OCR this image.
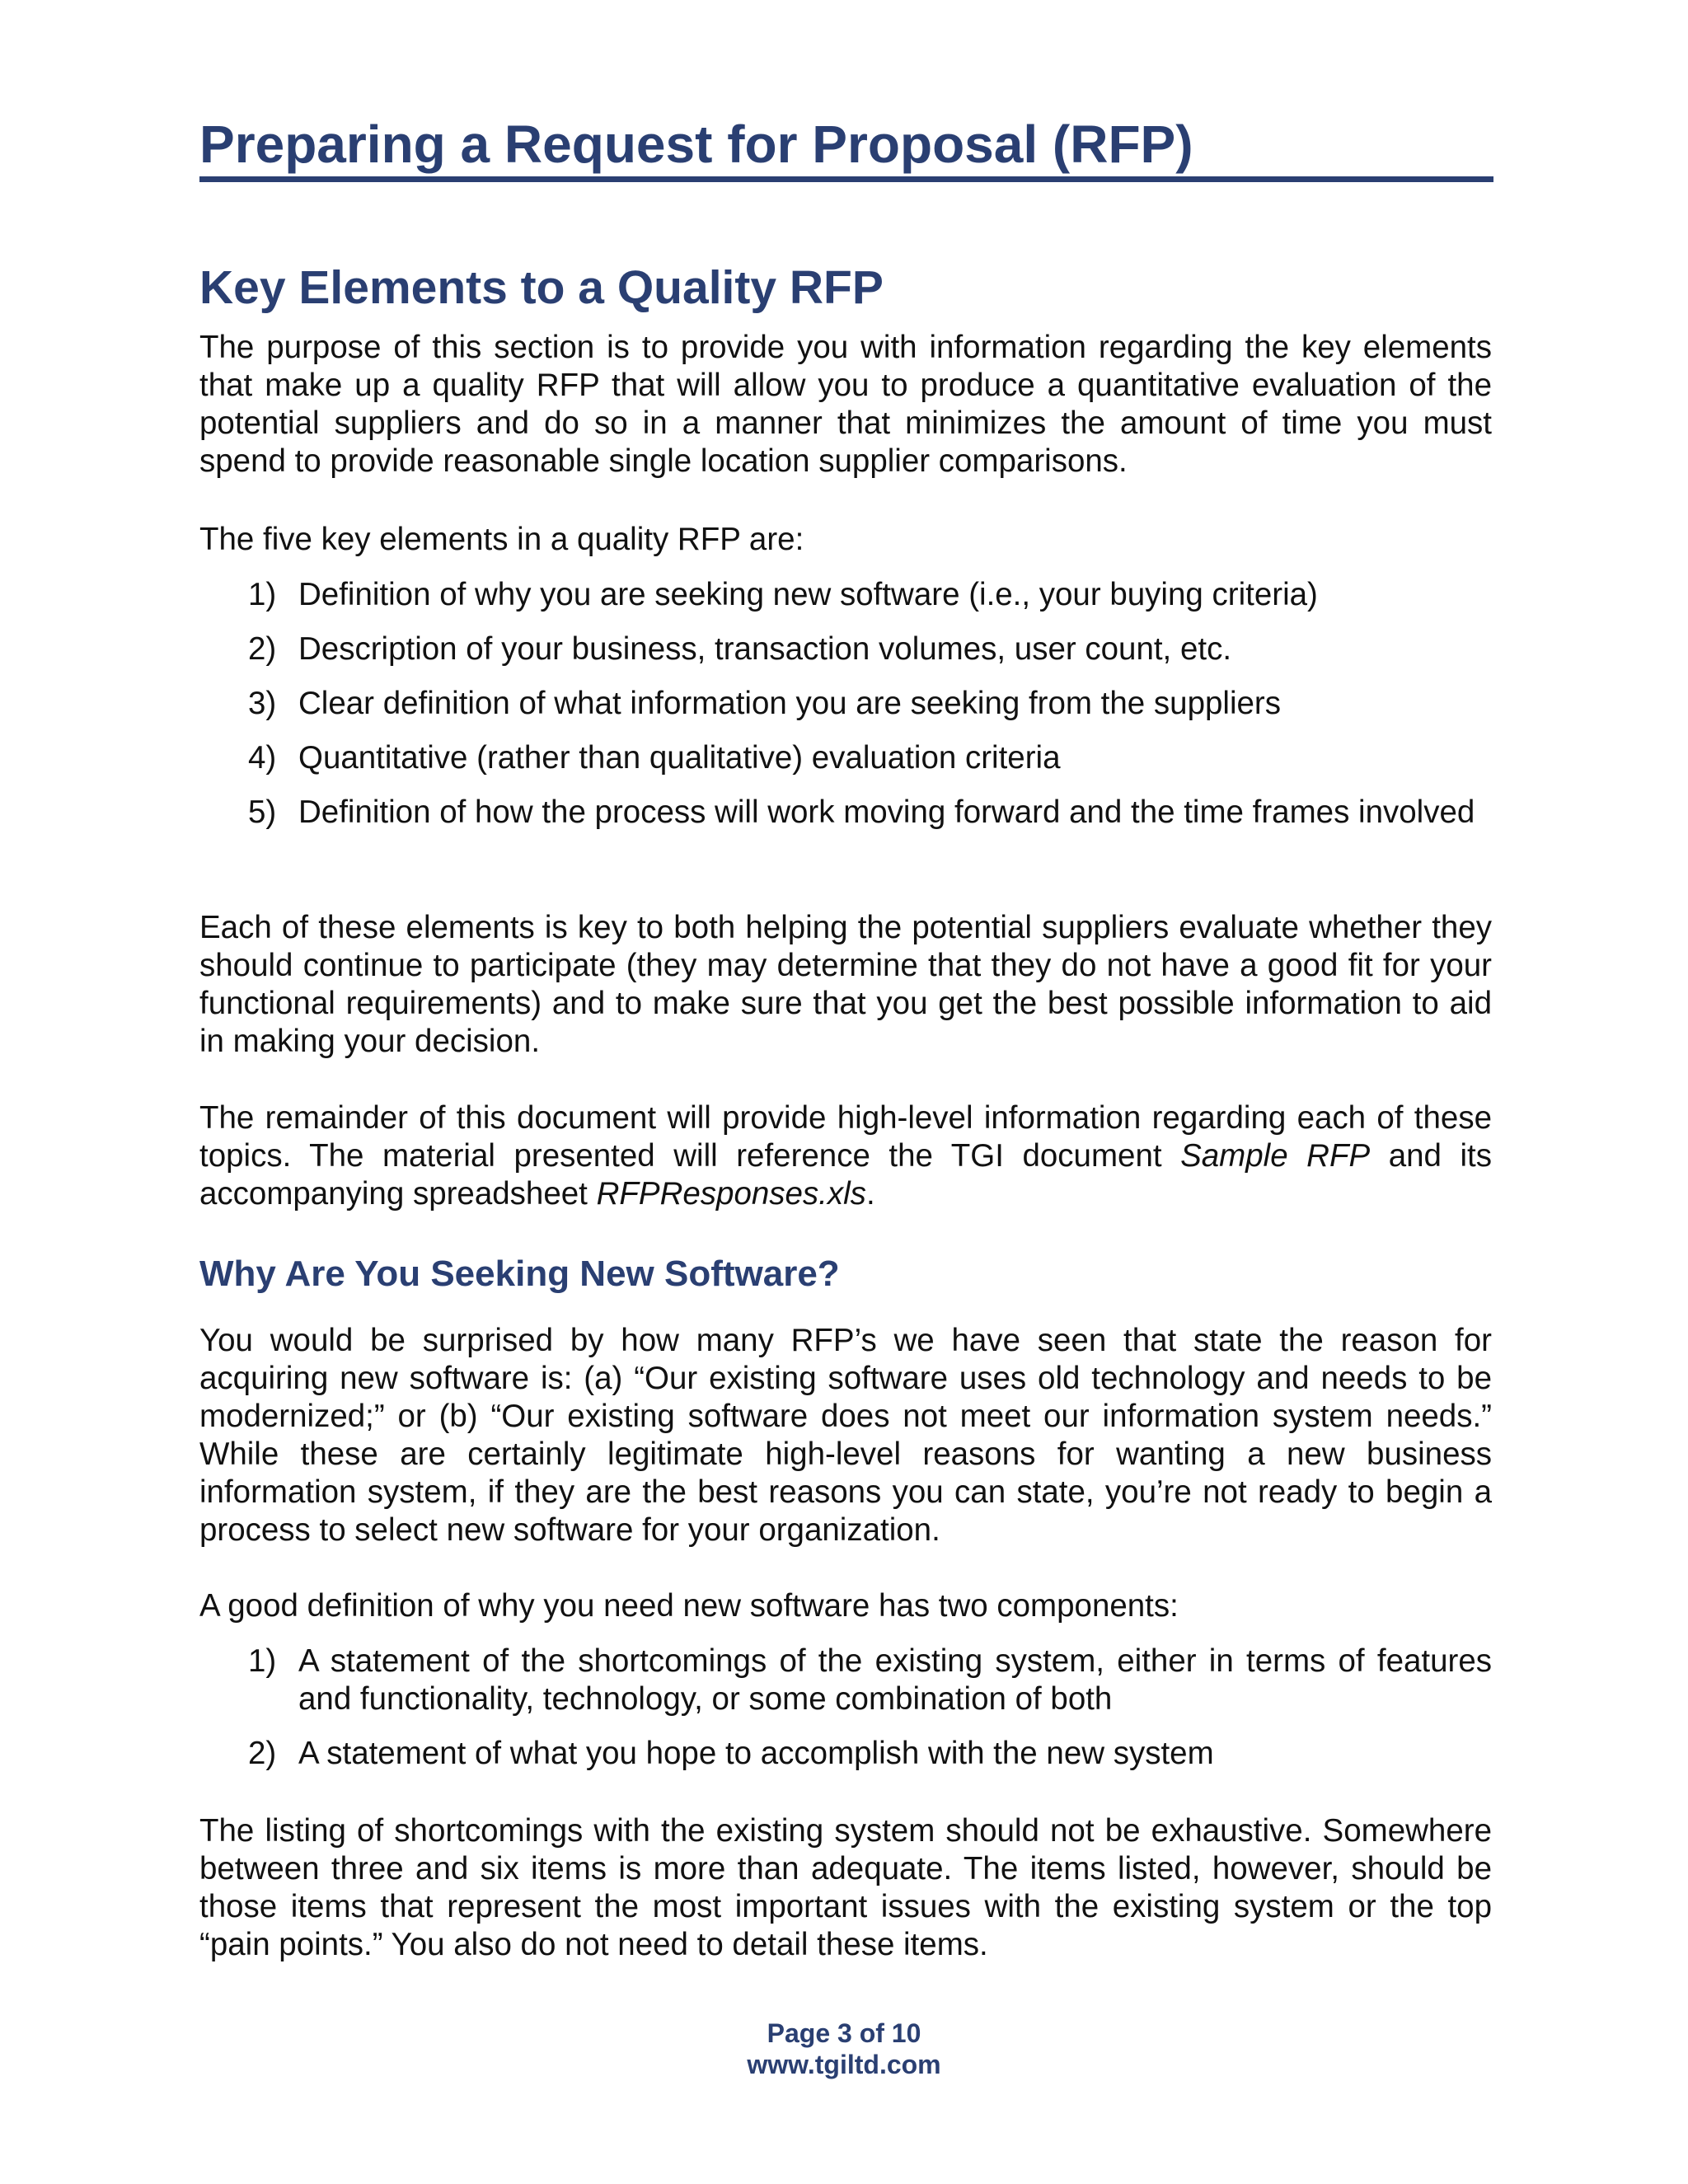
Preparing a Request for Proposal (RFP)
Key Elements to a Quality RFP

The purpose of this section is to provide you with information regarding the key elements that make up a quality RFP that will allow you to produce a quantitative evaluation of the potential suppliers and do so in a manner that minimizes the amount of time you must spend to provide reasonable single location supplier comparisons.

The five key elements in a quality RFP are:

1) Definition of why you are seeking new software (i.e., your buying criteria)
2) Description of your business, transaction volumes, user count, etc.
3) Clear definition of what information you are seeking from the suppliers
4) Quantitative (rather than qualitative) evaluation criteria
5) Definition of how the process will work moving forward and the time frames involved

Each of these elements is key to both helping the potential suppliers evaluate whether they should continue to participate (they may determine that they do not have a good fit for your functional requirements) and to make sure that you get the best possible information to aid in making your decision.

The remainder of this document will provide high-level information regarding each of these topics. The material presented will reference the TGI document Sample RFP and its accompanying spreadsheet RFPResponses.xls.

Why Are You Seeking New Software?

You would be surprised by how many RFP’s we have seen that state the reason for acquiring new software is: (a) “Our existing software uses old technology and needs to be modernized;” or (b) “Our existing software does not meet our information system needs.” While these are certainly legitimate high-level reasons for wanting a new business information system, if they are the best reasons you can state, you’re not ready to begin a process to select new software for your organization.

A good definition of why you need new software has two components:

1) A statement of the shortcomings of the existing system, either in terms of features and functionality, technology, or some combination of both
2) A statement of what you hope to accomplish with the new system

The listing of shortcomings with the existing system should not be exhaustive. Somewhere between three and six items is more than adequate. The items listed, however, should be those items that represent the most important issues with the existing system or the top “pain points.” You also do not need to detail these items.

Page 3 of 10
www.tgiltd.com
